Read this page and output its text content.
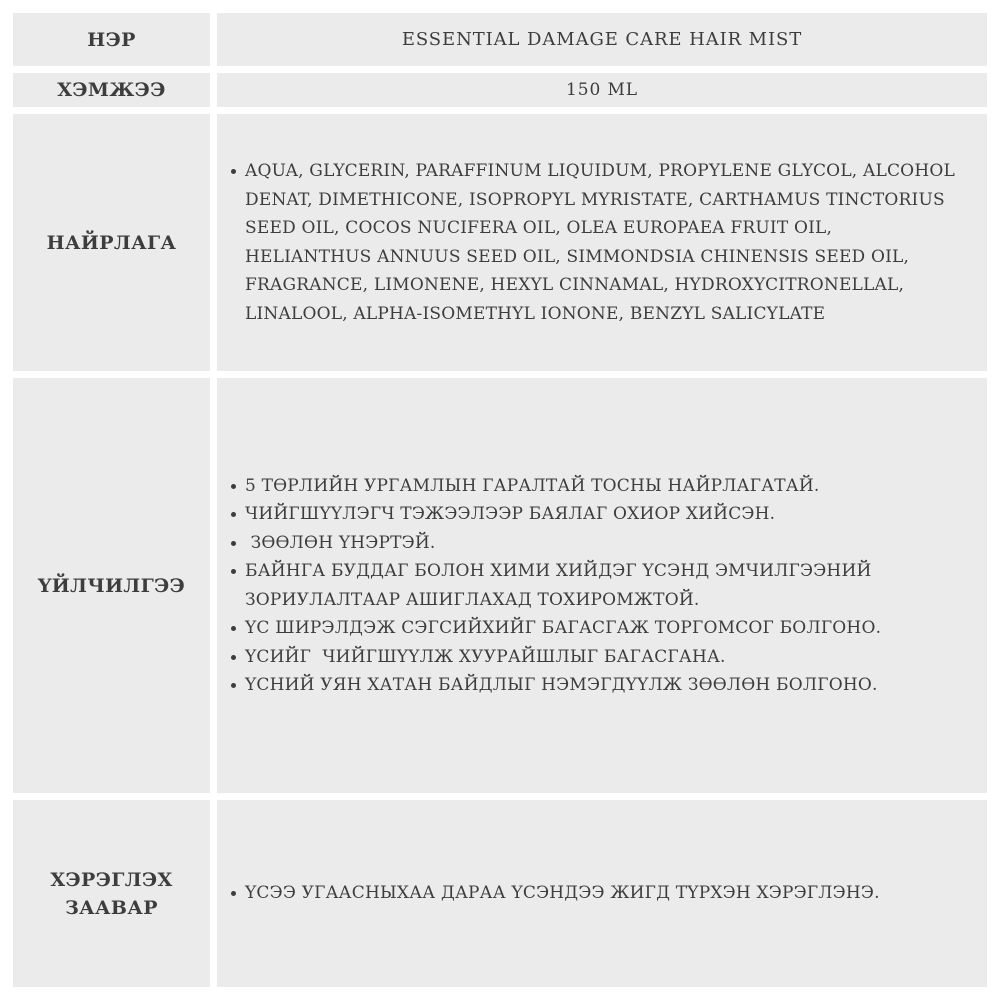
НЭР	ESSENTIAL DAMAGE CARE HAIR MIST
ХЭМЖЭЭ	150 ML
НАЙРЛАГА
AQUA, GLYCERIN, PARAFFINUM LIQUIDUM, PROPYLENE GLYCOL, ALCOHOL DENAT, DIMETHICONE, ISOPROPYL MYRISTATE, CARTHAMUS TINCTORIUS SEED OIL, COCOS NUCIFERA OIL, OLEA EUROPAEA FRUIT OIL, HELIANTHUS ANNUUS SEED OIL, SIMMONDSIA CHINENSIS SEED OIL, FRAGRANCE, LIMONENE, HEXYL CINNAMAL, HYDROXYCITRONELLAL, LINALOOL, ALPHA-ISOMETHYL IONONE, BENZYL SALICYLATE
ҮЙЛЧИЛГЭЭ
5 ТӨРЛИЙН УРГАМЛЫН ГАРАЛТАЙ ТОСНЫ НАЙРЛАГАТАЙ.
ЧИЙГШҮҮЛЭГЧ ТЭЖЭЭЛЭЭР БАЯЛАГ ОХИОР ХИЙСЭН.
ЗӨӨЛӨН ҮНЭРТЭЙ.
БАЙНГА БУДДАГ БОЛОН ХИМИ ХИЙДЭГ ҮСЭНД ЭМЧИЛГЭЭНИЙ ЗОРИУЛАЛТААР АШИГЛАХАД ТОХИРОМЖТОЙ.
ҮС ШИРЭЛДЭЖ СЭГСИЙХИЙГ БАГАСГАЖ ТОРГОМСОГ БОЛГОНО.
ҮСИЙГ  ЧИЙГШҮҮЛЖ ХУУРАЙШЛЫГ БАГАСГАНА.
ҮСНИЙ УЯН ХАТАН БАЙДЛЫГ НЭМЭГДҮҮЛЖ ЗӨӨЛӨН БОЛГОНО.
ХЭРЭГЛЭХ ЗААВАР
ҮСЭЭ УГААСНЫХАА ДАРАА ҮСЭНДЭЭ ЖИГД ТҮРХЭН ХЭРЭГЛЭНЭ.
